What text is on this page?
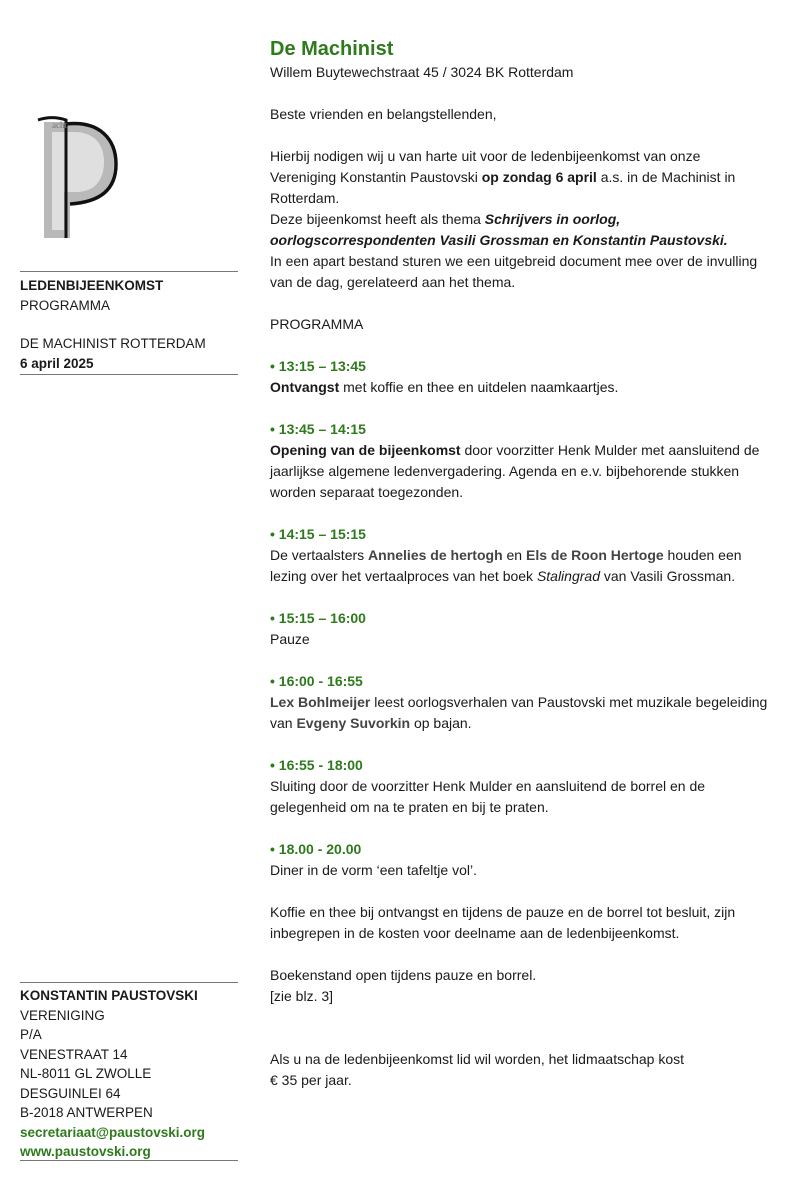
acht
LEDENBIJEENKOMST
PROGRAMMA
DE MACHINIST ROTTERDAM
6 april 2025
KONSTANTIN PAUSTOVSKI
VERENIGING
P/A
VENESTRAAT 14
NL-8011 GL ZWOLLE
DESGUINLEI 64
B-2018 ANTWERPEN
secretariaat@paustovski.org
www.paustovski.org
De Machinist

Willem Buytewechstraat 45 / 3024 BK Rotterdam

Beste vrienden en belangstellenden,

Hierbij nodigen wij u van harte uit voor de ledenbijeenkomst van onze Vereniging Konstantin Paustovski op zondag 6 april a.s. in de Machinist in Rotterdam.

Deze bijeenkomst heeft als thema Schrijvers in oorlog, oorlogscorrespondenten Vasili Grossman en Konstantin Paustovski.

In een apart bestand sturen we een uitgebreid document mee over de invulling van de dag, gerelateerd aan het thema.

PROGRAMMA

• 13:15 – 13:45
Ontvangst met koffie en thee en uitdelen naamkaartjes.
• 13:45 – 14:15
Opening van de bijeenkomst door voorzitter Henk Mulder met aansluitend de jaarlijkse algemene ledenvergadering. Agenda en e.v. bijbehorende stukken worden separaat toegezonden.
• 14:15 – 15:15
De vertaalsters Annelies de hertogh en Els de Roon Hertoge houden een lezing over het vertaalproces van het boek Stalingrad van Vasili Grossman.
• 15:15 – 16:00
Pauze
• 16:00 - 16:55
Lex Bohlmeijer leest oorlogsverhalen van Paustovski met muzikale begeleiding van Evgeny Suvorkin op bajan.
• 16:55 - 18:00
Sluiting door de voorzitter Henk Mulder en aansluitend de borrel en de gelegenheid om na te praten en bij te praten.
• 18.00 - 20.00
Diner in de vorm ‘een tafeltje vol’.

Koffie en thee bij ontvangst en tijdens de pauze en de borrel tot besluit, zijn inbegrepen in de kosten voor deelname aan de ledenbijeenkomst.

Boekenstand open tijdens pauze en borrel.

[zie blz. 3]

Als u na de ledenbijeenkomst lid wil worden, het lidmaatschap kost

€ 35 per jaar.
